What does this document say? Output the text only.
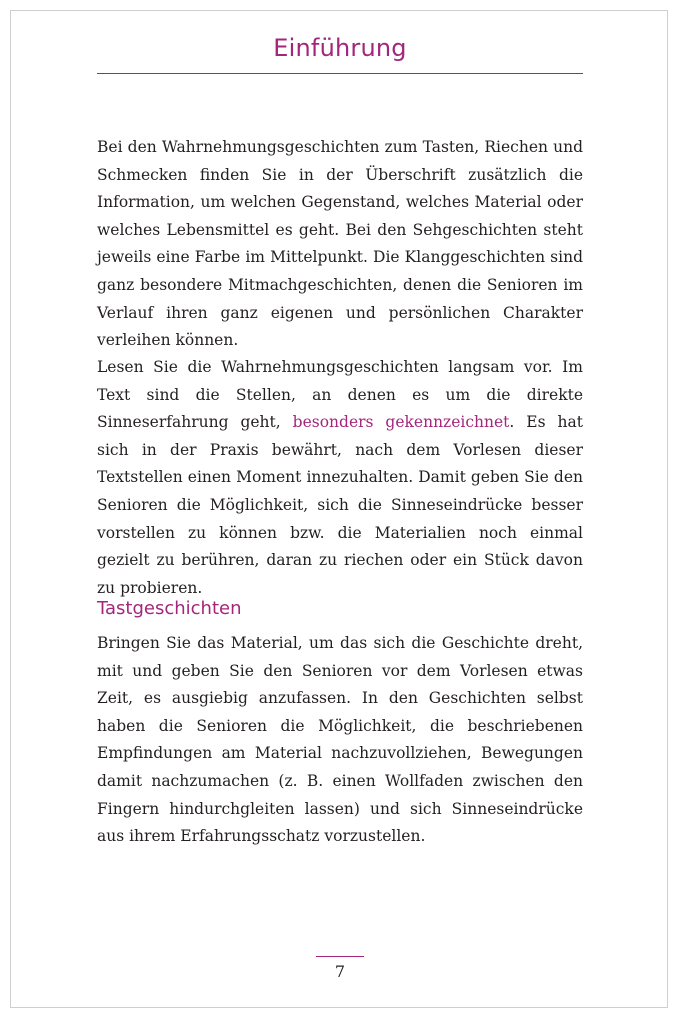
Einführung

Bei den Wahrnehmungsgeschichten zum Tasten, Riechen und Schmecken finden Sie in der Überschrift zusätzlich die Information, um welchen Gegenstand, welches Material oder welches Lebensmittel es geht. Bei den Sehgeschichten steht jeweils eine Farbe im Mittelpunkt. Die Klanggeschichten sind ganz besondere Mitmachgeschichten, denen die Senioren im Verlauf ihren ganz eigenen und persönlichen Charakter verleihen können.

Lesen Sie die Wahrnehmungsgeschichten langsam vor. Im Text sind die Stellen, an denen es um die direkte Sinneserfahrung geht, besonders gekennzeichnet. Es hat sich in der Praxis bewährt, nach dem Vorlesen dieser Textstellen einen Moment innezuhalten. Damit geben Sie den Senioren die Möglichkeit, sich die Sinneseindrücke besser vorstellen zu können bzw. die Materialien noch einmal gezielt zu berühren, daran zu riechen oder ein Stück davon zu probieren.

Tastgeschichten

Bringen Sie das Material, um das sich die Geschichte dreht, mit und geben Sie den Senioren vor dem Vorlesen etwas Zeit, es ausgiebig anzufassen. In den Geschichten selbst haben die Senioren die Möglichkeit, die beschriebenen Empfindungen am Material nachzuvollziehen, Bewegungen damit nachzumachen (z. B. einen Wollfaden zwischen den Fingern hindurchgleiten lassen) und sich Sinneseindrücke aus ihrem Erfahrungsschatz vorzustellen.

7
